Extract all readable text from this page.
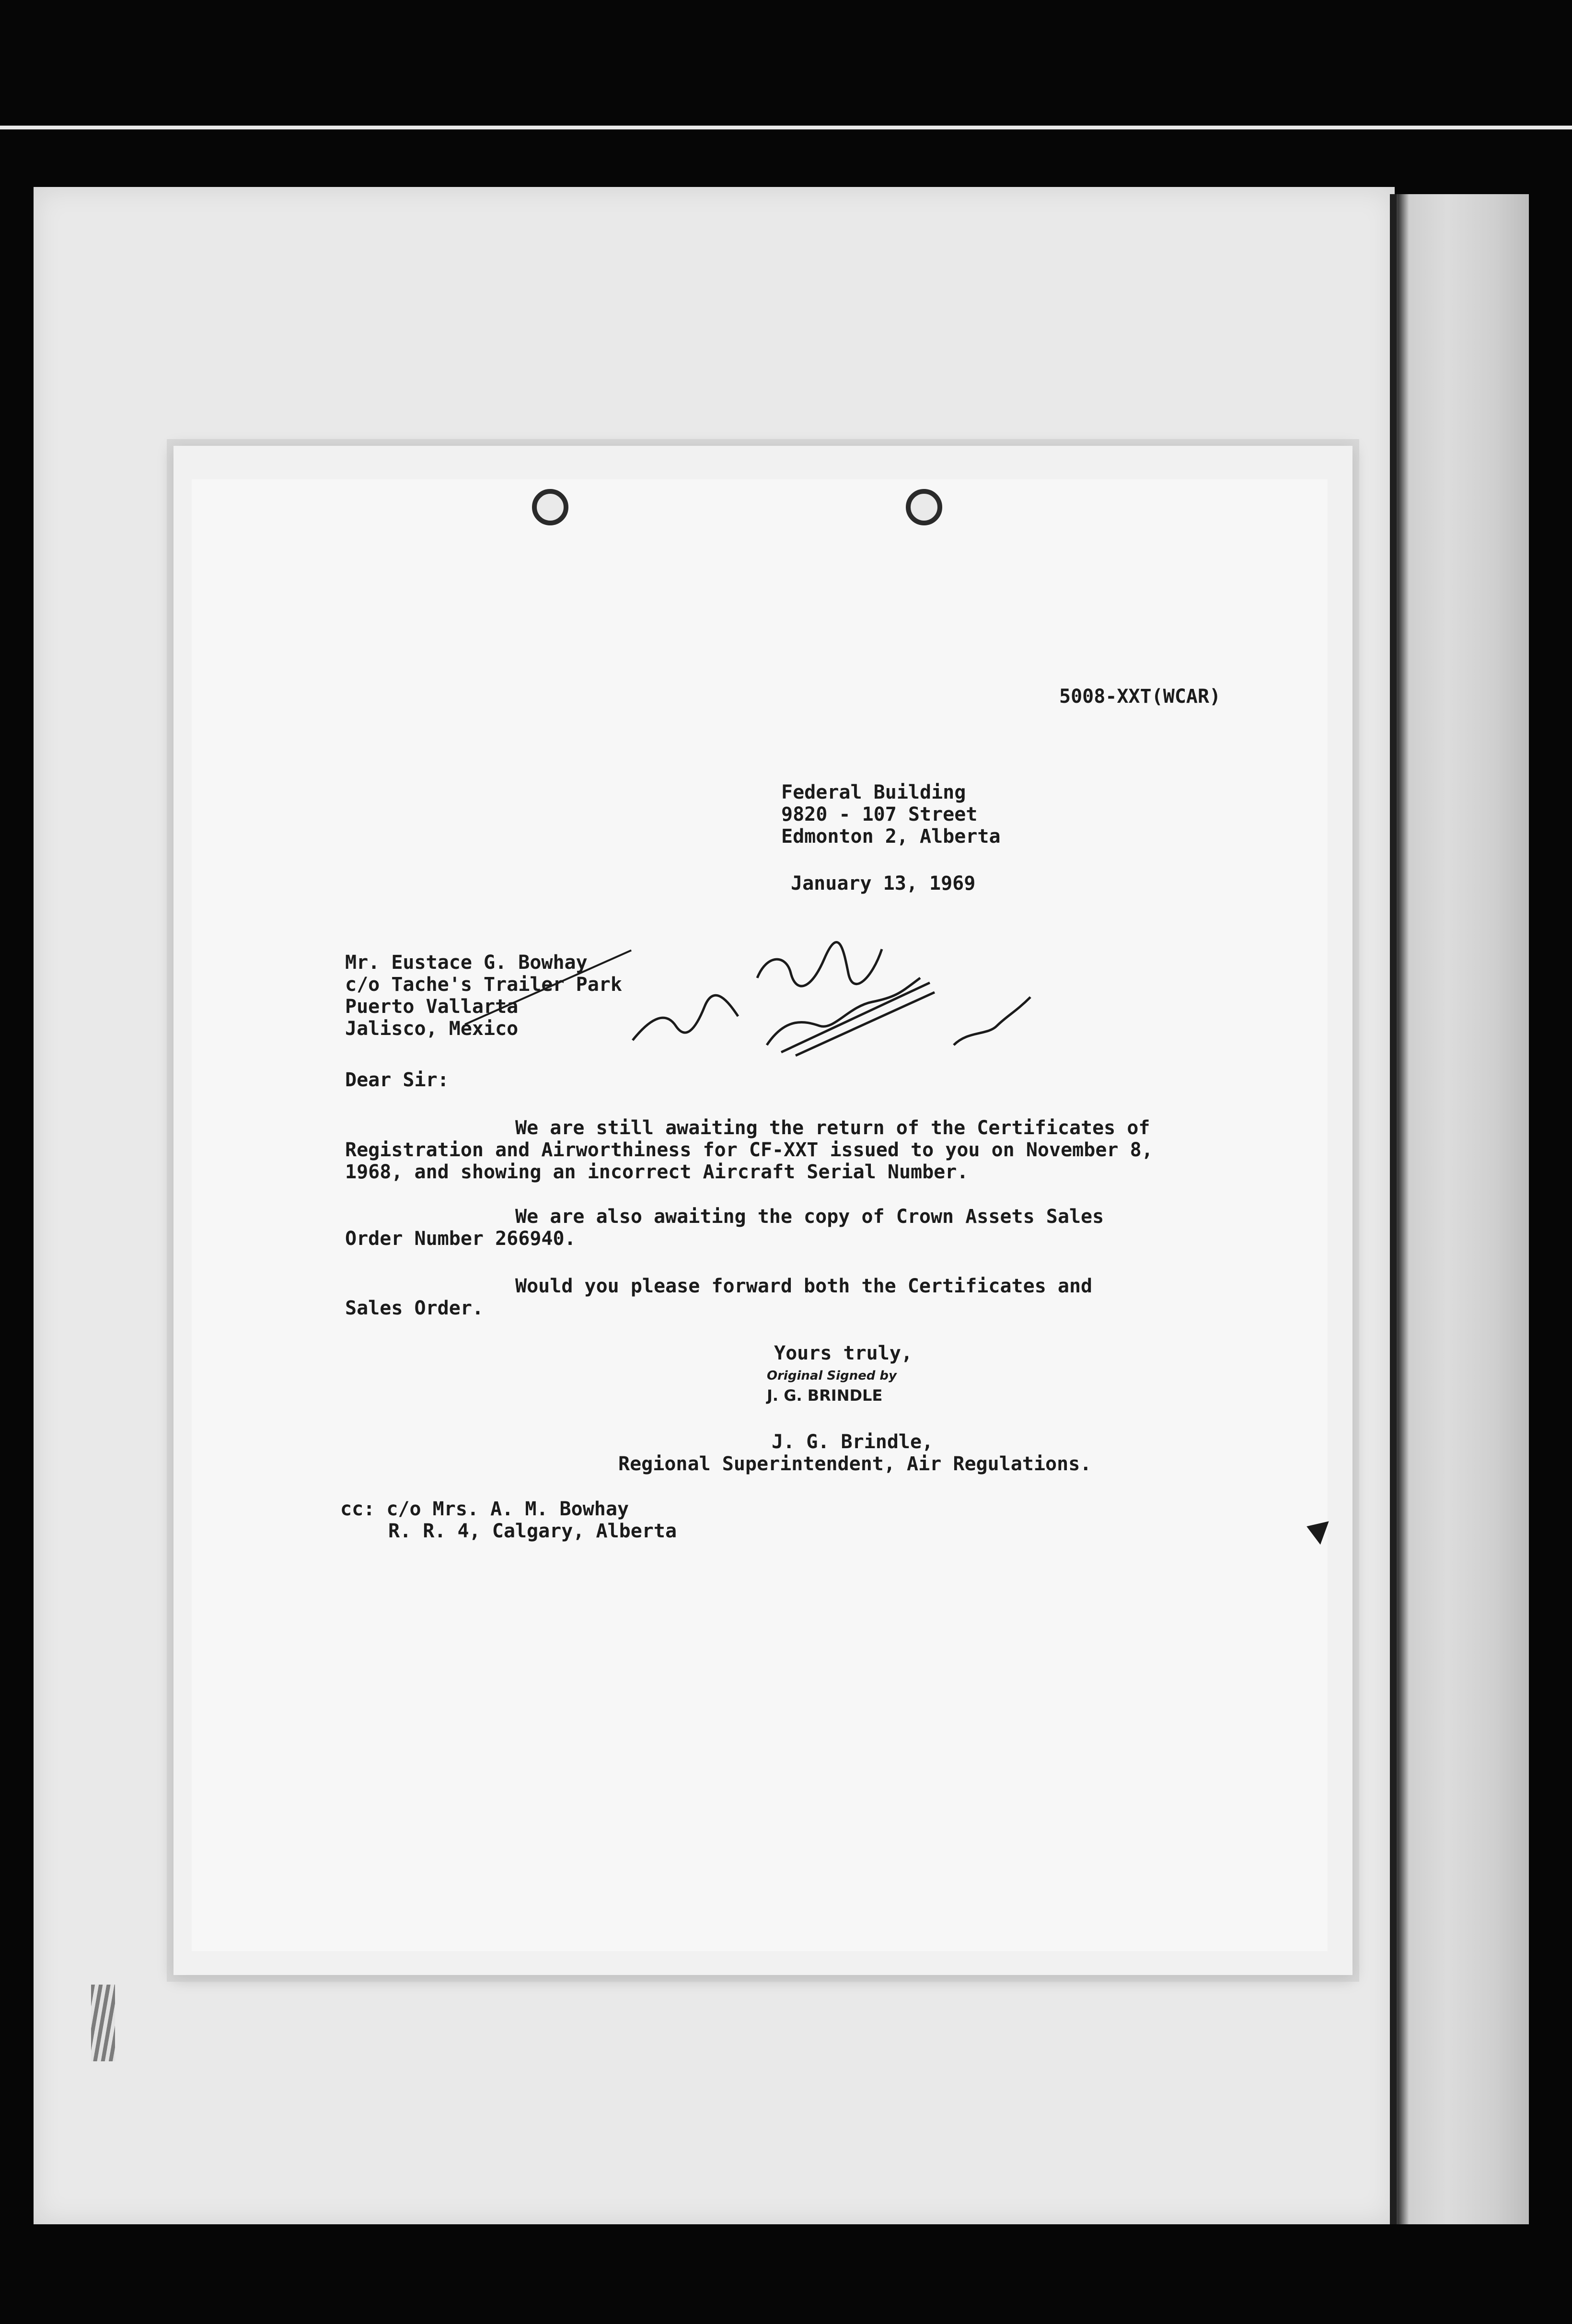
5008-XXT(WCAR)
Federal Building
9820 - 107 Street
Edmonton 2, Alberta
January 13, 1969
Mr. Eustace G. Bowhay
c/o Tache's Trailer Park
Puerto Vallarta
Jalisco, Mexico
Dear Sir:
We are still awaiting the return of the Certificates of
Registration and Airworthiness for CF-XXT issued to you on November 8,
1968, and showing an incorrect Aircraft Serial Number.
We are also awaiting the copy of Crown Assets Sales
Order Number 266940.
Would you please forward both the Certificates and
Sales Order.
Yours truly,
Original Signed by
J. G. BRINDLE
J. G. Brindle,
Regional Superintendent, Air Regulations.
cc: c/o Mrs. A. M. Bowhay
R. R. 4, Calgary, Alberta
